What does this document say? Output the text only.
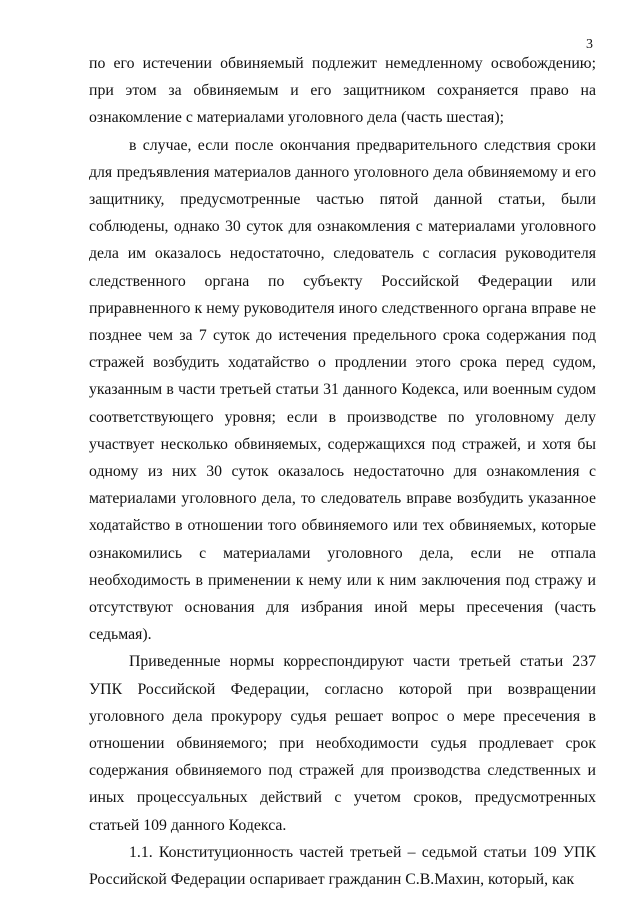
3

по его истечении обвиняемый подлежит немедленному освобождению; при этом за обвиняемым и его защитником сохраняется право на ознакомление с материалами уголовного дела (часть шестая);

в случае, если после окончания предварительного следствия сроки для предъявления материалов данного уголовного дела обвиняемому и его защитнику, предусмотренные частью пятой данной статьи, были соблюдены, однако 30 суток для ознакомления с материалами уголовного дела им оказалось недостаточно, следователь с согласия руководителя следственного органа по субъекту Российской Федерации или приравненного к нему руководителя иного следственного органа вправе не позднее чем за 7 суток до истечения предельного срока содержания под стражей возбудить ходатайство о продлении этого срока перед судом, указанным в части третьей статьи 31 данного Кодекса, или военным судом соответствующего уровня; если в производстве по уголовному делу участвует несколько обвиняемых, содержащихся под стражей, и хотя бы одному из них 30 суток оказалось недостаточно для ознакомления с материалами уголовного дела, то следователь вправе возбудить указанное ходатайство в отношении того обвиняемого или тех обвиняемых, которые ознакомились с материалами уголовного дела, если не отпала необходимость в применении к нему или к ним заключения под стражу и отсутствуют основания для избрания иной меры пресечения (часть седьмая).

Приведенные нормы корреспондируют части третьей статьи 237 УПК Российской Федерации, согласно которой при возвращении уголовного дела прокурору судья решает вопрос о мере пресечения в отношении обвиняемого; при необходимости судья продлевает срок содержания обвиняемого под стражей для производства следственных и иных процессуальных действий с учетом сроков, предусмотренных статьей 109 данного Кодекса.

1.1. Конституционность частей третьей – седьмой статьи 109 УПК Российской Федерации оспаривает гражданин С.В.Махин, который, как
